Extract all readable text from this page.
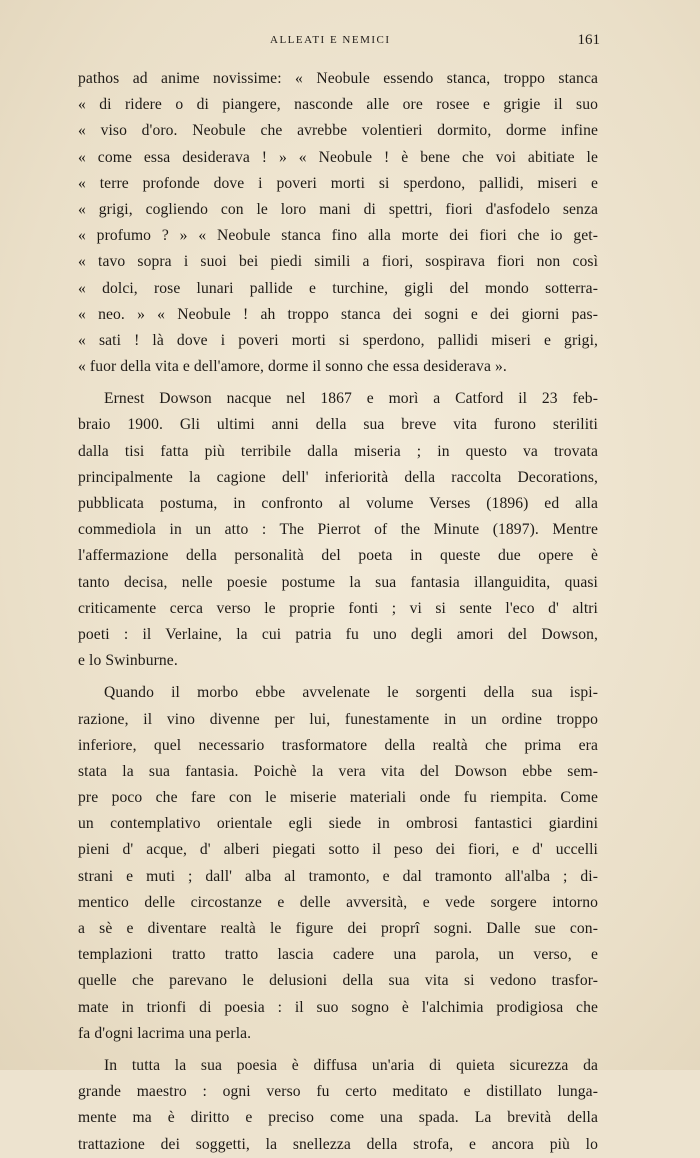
ALLEATI E NEMICI	161
pathos ad anime novissime: « Neobule essendo stanca, troppo stanca
« di ridere o di piangere, nasconde alle ore rosee e grigie il suo
« viso d'oro. Neobule che avrebbe volentieri dormito, dorme infine
« come essa desiderava ! » « Neobule ! è bene che voi abitiate le
« terre profonde dove i poveri morti si sperdono, pallidi, miseri e
« grigi, cogliendo con le loro mani di spettri, fiori d'asfodelo senza
« profumo ? » « Neobule stanca fino alla morte dei fiori che io get-
« tavo sopra i suoi bei piedi simili a fiori, sospirava fiori non così
« dolci, rose lunari pallide e turchine, gigli del mondo sotterra-
« neo. » « Neobule ! ah troppo stanca dei sogni e dei giorni pas-
« sati ! là dove i poveri morti si sperdono, pallidi miseri e grigi,
« fuor della vita e dell'amore, dorme il sonno che essa desiderava ».
Ernest Dowson nacque nel 1867 e morì a Catford il 23 feb-
braio 1900. Gli ultimi anni della sua breve vita furono steriliti
dalla tisi fatta più terribile dalla miseria ; in questo va trovata
principalmente la cagione dell' inferiorità della raccolta Decorations,
pubblicata postuma, in confronto al volume Verses (1896) ed alla
commediola in un atto : The Pierrot of the Minute (1897). Mentre
l'affermazione della personalità del poeta in queste due opere è
tanto decisa, nelle poesie postume la sua fantasia illanguidita, quasi
criticamente cerca verso le proprie fonti ; vi si sente l'eco d' altri
poeti : il Verlaine, la cui patria fu uno degli amori del Dowson,
e lo Swinburne.
Quando il morbo ebbe avvelenate le sorgenti della sua ispi-
razione, il vino divenne per lui, funestamente in un ordine troppo
inferiore, quel necessario trasformatore della realtà che prima era
stata la sua fantasia. Poichè la vera vita del Dowson ebbe sem-
pre poco che fare con le miserie materiali onde fu riempita. Come
un contemplativo orientale egli siede in ombrosi fantastici giardini
pieni d' acque, d' alberi piegati sotto il peso dei fiori, e d' uccelli
strani e muti ; dall' alba al tramonto, e dal tramonto all'alba ; di-
mentico delle circostanze e delle avversità, e vede sorgere intorno
a sè e diventare realtà le figure dei proprî sogni. Dalle sue con-
templazioni tratto tratto lascia cadere una parola, un verso, e
quelle che parevano le delusioni della sua vita si vedono trasfor-
mate in trionfi di poesia : il suo sogno è l'alchimia prodigiosa che
fa d'ogni lacrima una perla.
In tutta la sua poesia è diffusa un'aria di quieta sicurezza da
grande maestro : ogni verso fu certo meditato e distillato lunga-
mente ma è diritto e preciso come una spada. La brevità della
trattazione dei soggetti, la snellezza della strofa, e ancora più lo
